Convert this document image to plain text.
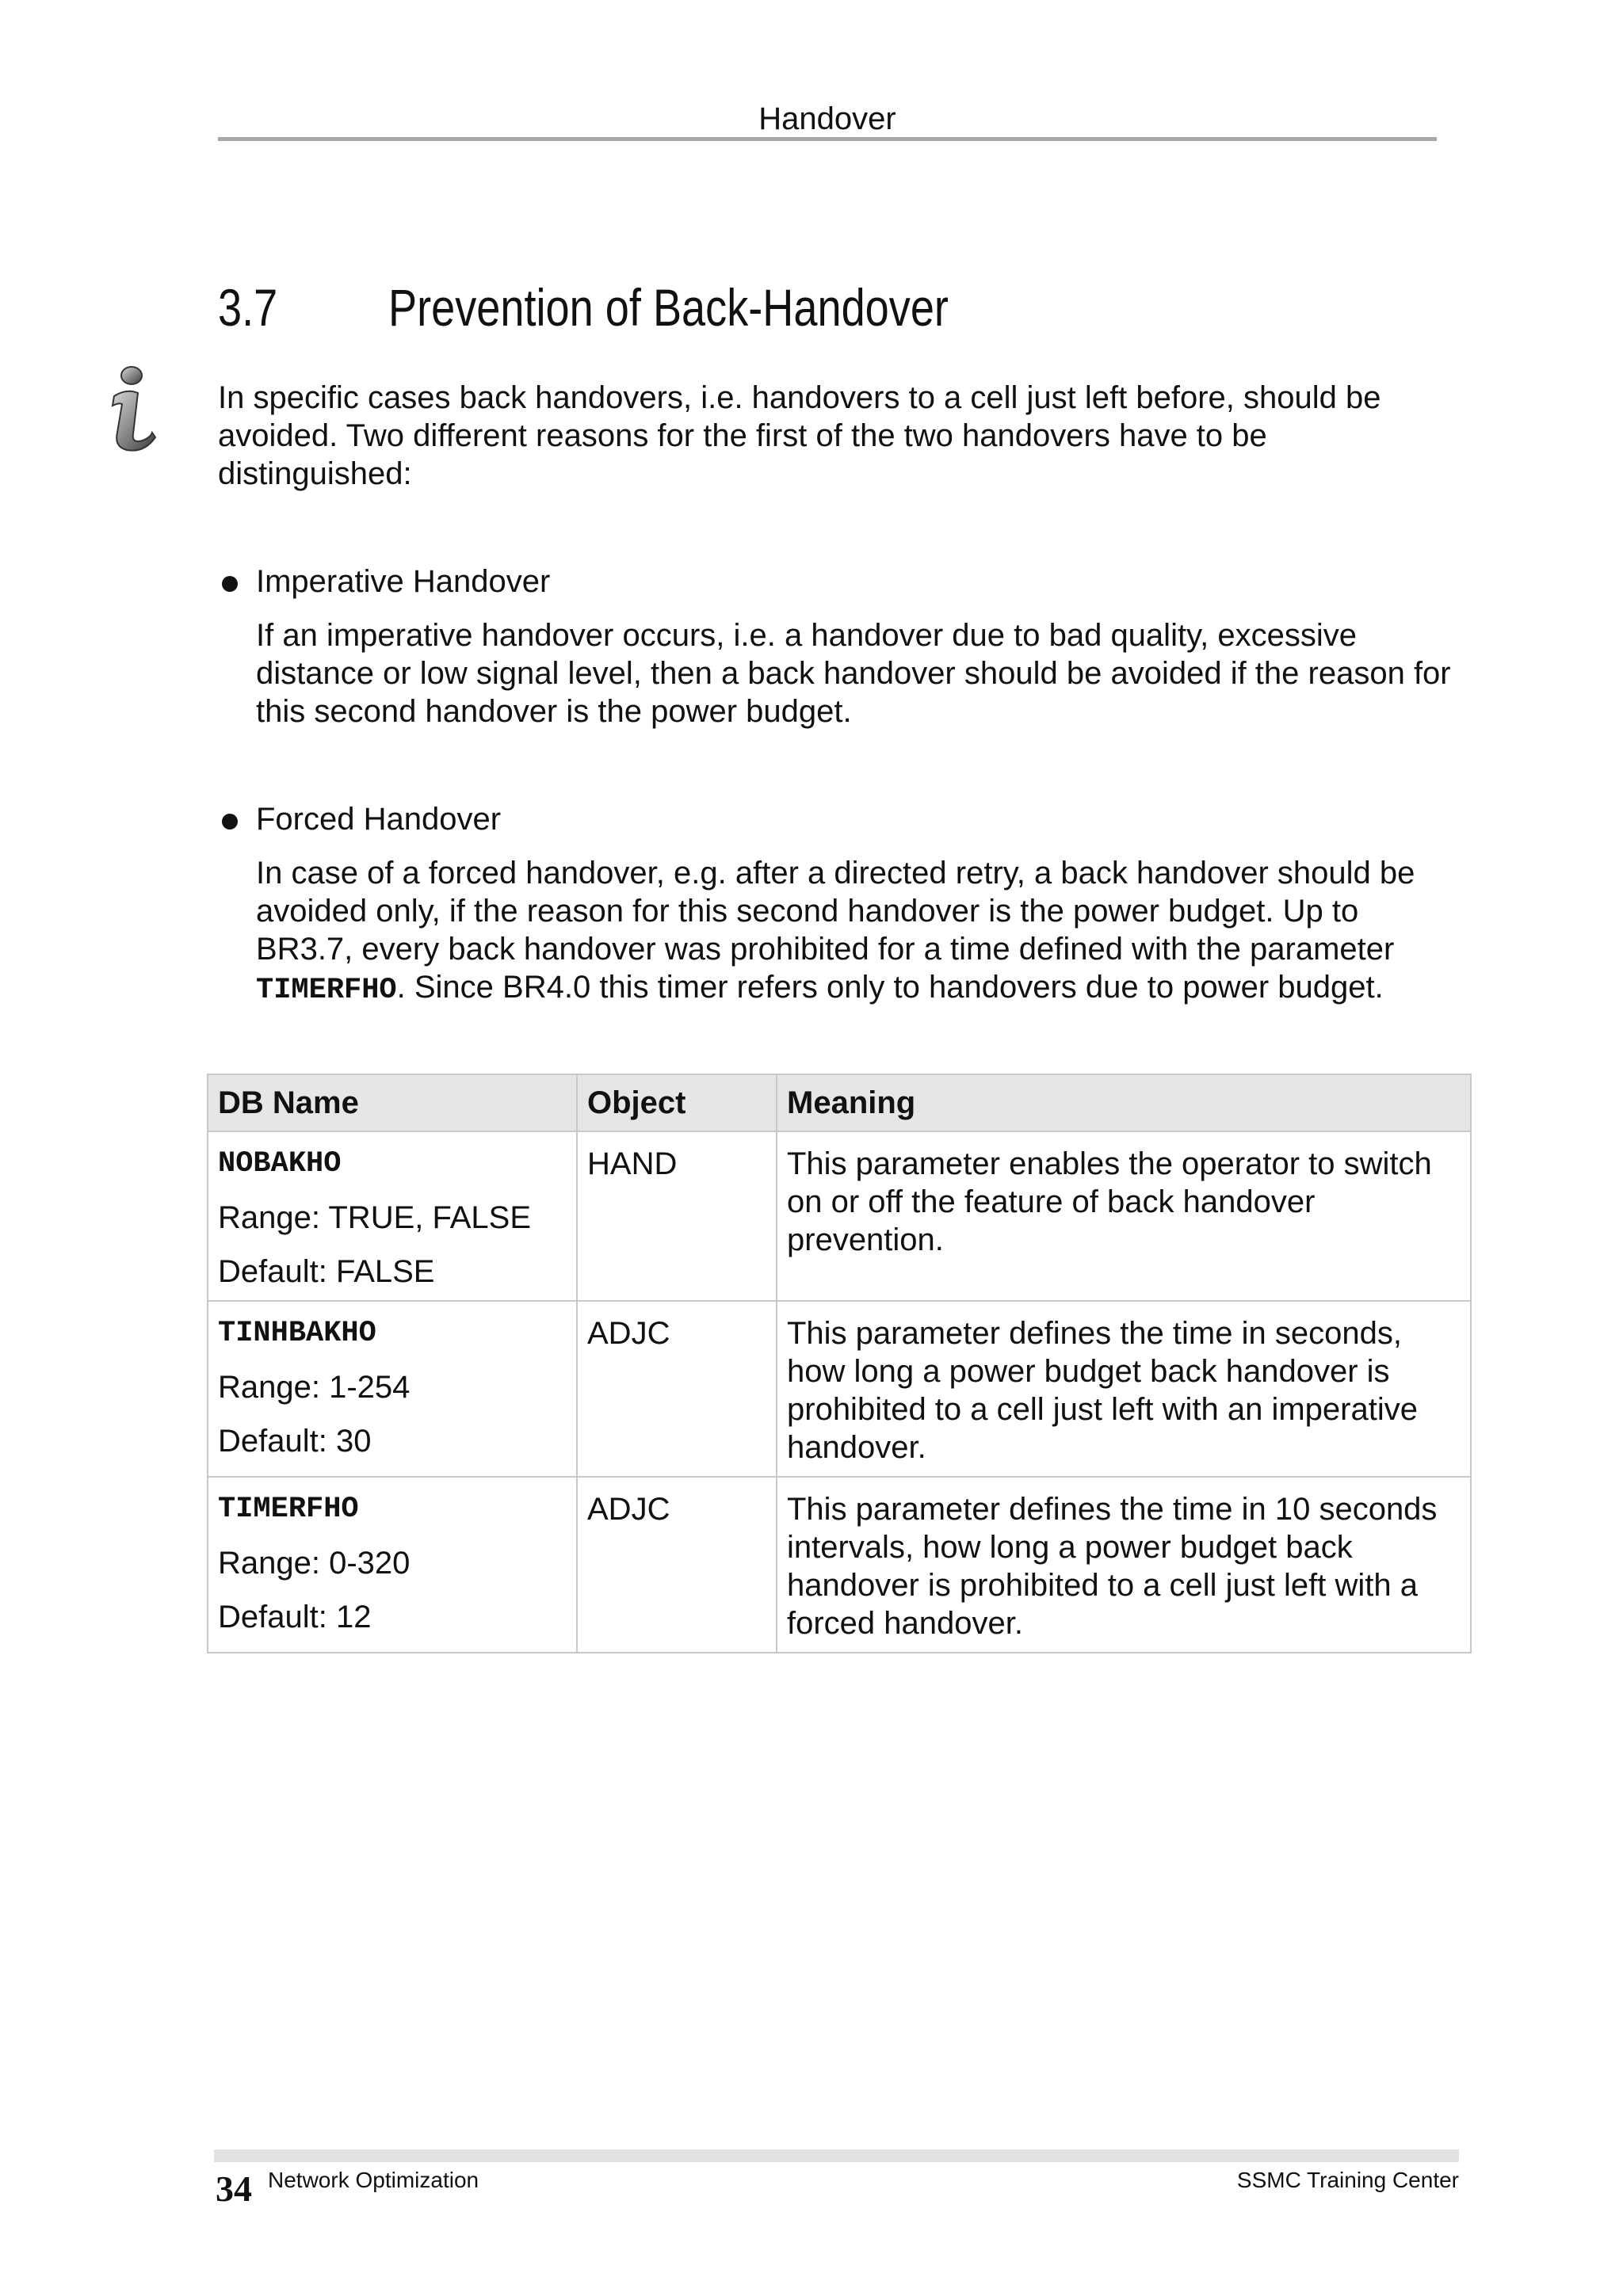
Handover
3.7 Prevention of Back-Handover
In specific cases back handovers, i.e. handovers to a cell just left before, should be avoided. Two different reasons for the first of the two handovers have to be distinguished:
Imperative Handover
If an imperative handover occurs, i.e. a handover due to bad quality, excessive distance or low signal level, then a back handover should be avoided if the reason for this second handover is the power budget.
Forced Handover
In case of a forced handover, e.g. after a directed retry, a back handover should be avoided only, if the reason for this second handover is the power budget. Up to BR3.7, every back handover was prohibited for a time defined with the parameter TIMERFHO. Since BR4.0 this timer refers only to handovers due to power budget.
DB Name	Object	Meaning

NOBAKHO
Range: TRUE, FALSE
Default: FALSE	HAND	This parameter enables the operator to switch on or off the feature of back handover prevention.

TINHBAKHO
Range: 1-254
Default: 30	ADJC	This parameter defines the time in seconds, how long a power budget back handover is prohibited to a cell just left with an imperative handover.

TIMERFHO
Range: 0-320
Default: 12	ADJC	This parameter defines the time in 10 seconds intervals, how long a power budget back handover is prohibited to a cell just left with a forced handover.
34 Network Optimization	SSMC Training Center
